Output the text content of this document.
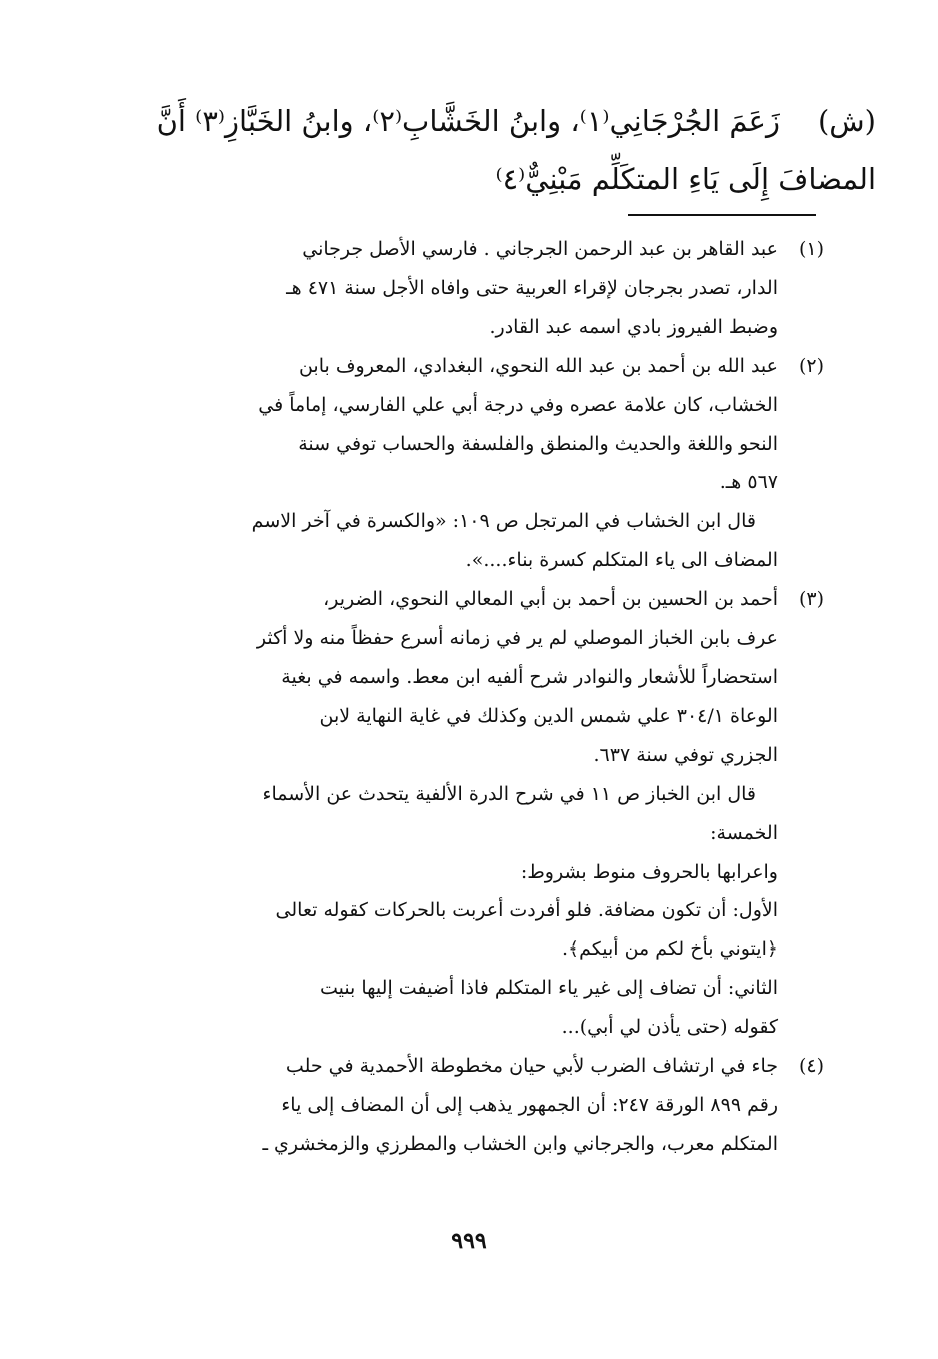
(ش)زَعَمَ الجُرْجَانِي⁽١⁾، وابنُ الخَشَّابِ⁽٢⁾، وابنُ الخَبَّازِ⁽٣⁾ أَنَّ
المضافَ إِلَى يَاءِ المتكَلِّم مَبْنِيٌّ⁽٤⁾
(١)
عبد القاهر بن عبد الرحمن الجرجاني . فارسي الأصل جرجاني
الدار، تصدر بجرجان لإقراء العربية حتى وافاه الأجل سنة ٤٧١ هـ
وضبط الفيروز بادي اسمه عبد القادر.
(٢)
عبد الله بن أحمد بن عبد الله النحوي، البغدادي، المعروف بابن
الخشاب، كان علامة عصره وفي درجة أبي علي الفارسي، إماماً في
النحو واللغة والحديث والمنطق والفلسفة والحساب توفي سنة
٥٦٧ هـ.
قال ابن الخشاب في المرتجل ص ١٠٩: «والكسرة في آخر الاسم
المضاف الى ياء المتكلم كسرة بناء....».
(٣)
أحمد بن الحسين بن أحمد بن أبي المعالي النحوي، الضرير،
عرف بابن الخباز الموصلي لم ير في زمانه أسرع حفظاً منه ولا أكثر
استحضاراً للأشعار والنوادر شرح ألفيه ابن معط. واسمه في بغية
الوعاة ٣٠٤/١ علي شمس الدين وكذلك في غاية النهاية لابن
الجزري توفي سنة ٦٣٧.
قال ابن الخباز ص ١١ في شرح الدرة الألفية يتحدث عن الأسماء
الخمسة:
واعرابها بالحروف منوط بشروط:
الأول: أن تكون مضافة. فلو أفردت أعربت بالحركات كقوله تعالى
﴿ايتوني بأخ لكم من أبيكم﴾.
الثاني: أن تضاف إلى غير ياء المتكلم فاذا أضيفت إليها بنيت
كقوله (حتى يأذن لي أبي)...
(٤)
جاء في ارتشاف الضرب لأبي حيان مخطوطة الأحمدية في حلب
رقم ٨٩٩ الورقة ٢٤٧: أن الجمهور يذهب إلى أن المضاف إلى ياء
المتكلم معرب، والجرجاني وابن الخشاب والمطرزي والزمخشري ـ
٩٩٩
